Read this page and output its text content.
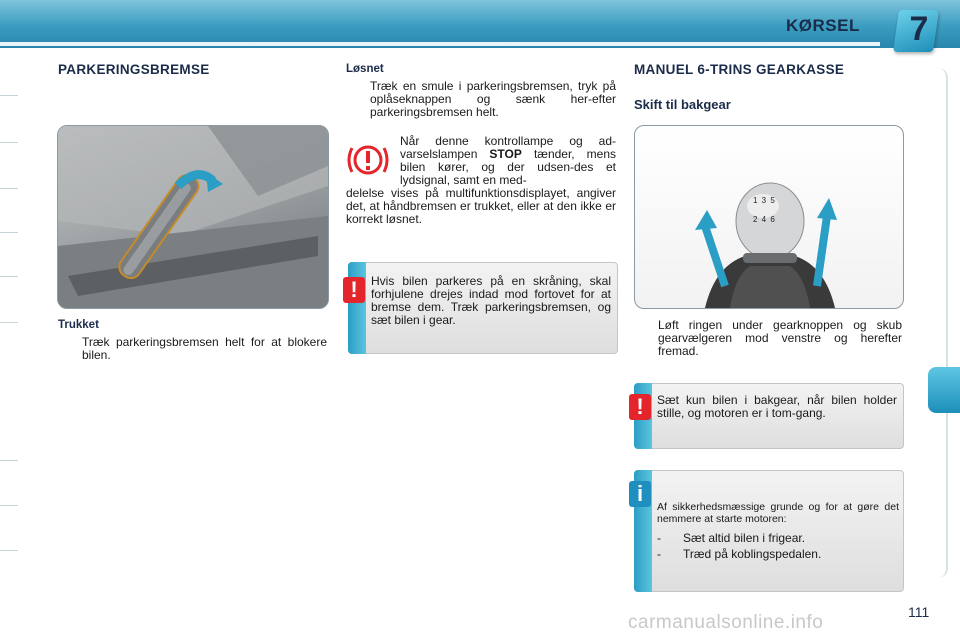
KØRSEL 7
PARKERINGSBREMSE
Trukket
Træk parkeringsbremsen helt for at blokere bilen.
Løsnet
Træk en smule i parkeringsbremsen, tryk på oplåseknappen og sænk her-efter parkeringsbremsen helt.
Når denne kontrollampe og ad-varselslampen STOP tænder, mens bilen kører, og der udsen-des et lydsignal, samt en med-
delelse vises på multifunktionsdisplayet, angiver det, at håndbremsen er trukket, eller at den ikke er korrekt løsnet.
!	Hvis bilen parkeres på en skråning, skal forhjulene drejes indad mod fortovet for at bremse dem. Træk parkeringsbremsen, og sæt bilen i gear.
MANUEL 6-TRINS GEARKASSE
Skift til bakgear
1 3 5
2 4 6
Løft ringen under gearknoppen og skub gearvælgeren mod venstre og herefter fremad.
!	Sæt kun bilen i bakgear, når bilen holder stille, og motoren er i tom-gang.
i
Af sikkerhedsmæssige grunde og for at gøre det nemmere at starte motoren:
- Sæt altid bilen i frigear.
- Træd på koblingspedalen.
111
carmanualsonline.info
